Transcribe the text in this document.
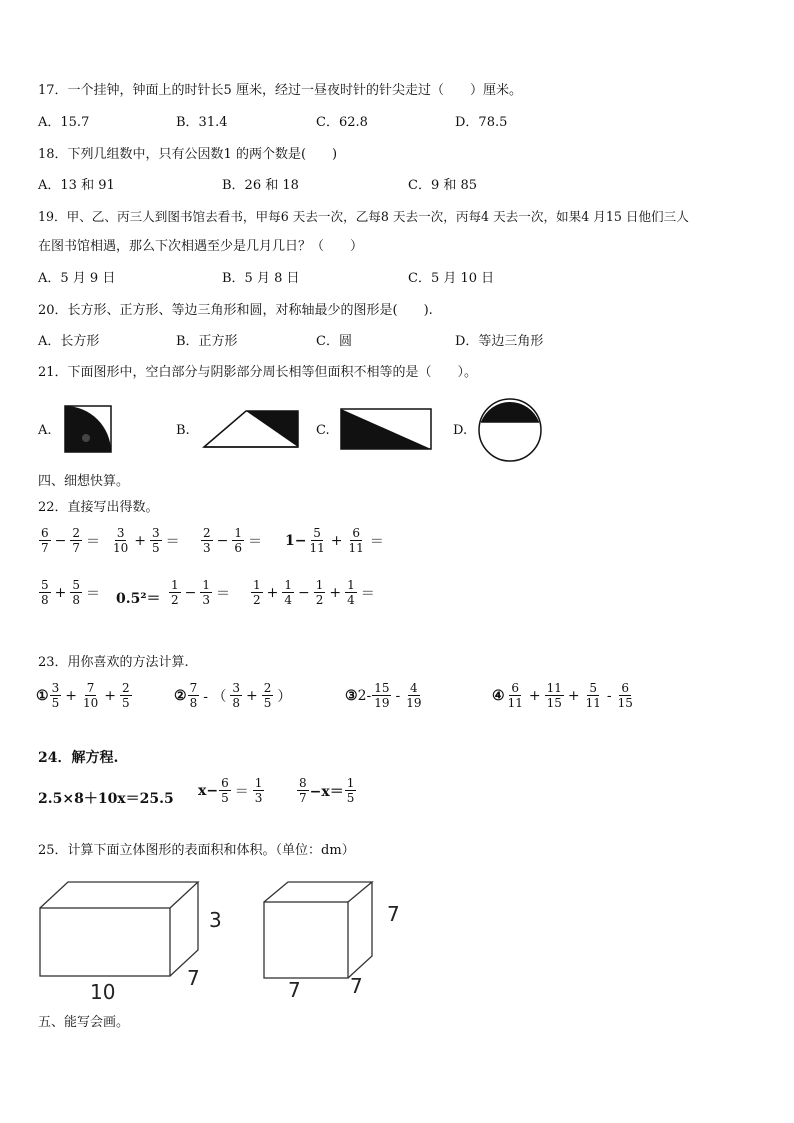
17．一个挂钟，钟面上的时针长5 厘米，经过一昼夜时针的针尖走过（　　）厘米。
A．15.7	B．31.4	C．62.8	D．78.5
18．下列几组数中，只有公因数1 的两个数是(　　)
A．13 和 91	B．26 和 18	C．9 和 85
19．甲、乙、丙三人到图书馆去看书，甲每6 天去一次，乙每8 天去一次，丙每4 天去一次，如果4 月15 日他们三人
在图书馆相遇，那么下次相遇至少是几月几日？（　　）
A．5 月 9 日	B．5 月 8 日	C．5 月 10 日
20．长方形、正方形、等边三角形和圆，对称轴最少的图形是(　　).
A．长方形	B．正方形	C．圆	D．等边三角形
21．下面图形中，空白部分与阴影部分周长相等但面积不相等的是（　　）。
A.	B.	C.	D.
四、细想快算。
22．直接写出得数。
$\frac{6}{7} - \frac{2}{7} = \frac{3}{10} + \frac{3}{5} = \frac{2}{3} - \frac{1}{6} = 1- \frac{5}{11} + \frac{6}{11}$ ＝
$\frac{5}{8} + \frac{5}{8} = 0.5^2= \frac{1}{2} - \frac{1}{3} = \frac{1}{2} + \frac{1}{4} - \frac{1}{2} + \frac{1}{4}$ ＝
23．用你喜欢的方法计算.
① $\frac{3}{5} + \frac{7}{10} + \frac{2}{5}$	② $\frac{7}{8}$ - （ $\frac{3}{8} + \frac{2}{5}$ ）	③ $2- \frac{15}{19} - \frac{4}{19}$	④ $\frac{6}{11} + \frac{11}{15} + \frac{5}{11} - \frac{6}{15}$
24．解方程.
2.5×8＋10x＝25.5
$x- \frac{6}{5} = \frac{1}{3}$	$\frac{8}{7} -x= \frac{1}{5}$
25．计算下面立体图形的表面积和体积。（单位：dm）
3
7
10
7
7 7
五、能写会画。
